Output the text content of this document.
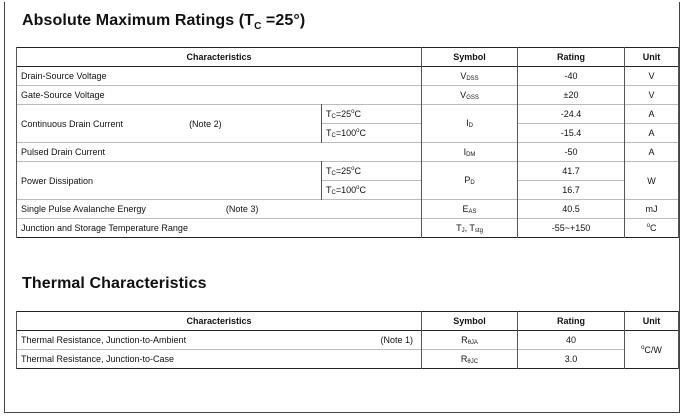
Absolute Maximum Ratings $(T_C =25^\circ)$
Characteristics		Symbol	Rating	Unit
Drain-Source Voltage		VDSS	-40	V
Gate-Source Voltage		VGSS	±20	V
Continuous Drain Current (Note 2)	$TC=25^oC$	ID	-24.4	A
	$TC=100^oC$		-15.4	A
Pulsed Drain Current		IDM	-50	A
Power Dissipation	$TC=25^oC$	PD	41.7	W
	$TC=100^oC$		16.7	
Single Pulse Avalanche Energy (Note 3)		EAS	40.5	mJ
Junction and Storage Temperature Range		TJ, Tstg	-55~+150	$^o$C
Thermal Characteristics
Characteristics	Symbol	Rating	Unit
Thermal Resistance, Junction-to-Ambient (Note 1)	RθJA	40	$^o$C/W
Thermal Resistance, Junction-to-Case	RθJC	3.0	
